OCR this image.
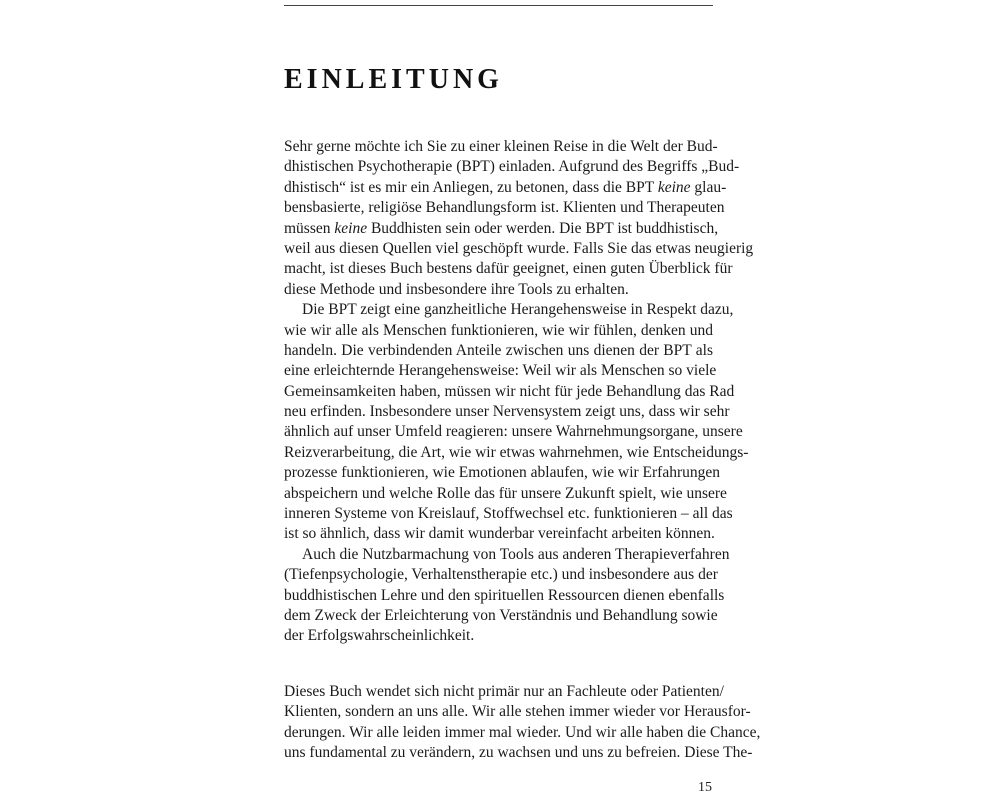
EINLEITUNG
Sehr gerne möchte ich Sie zu einer kleinen Reise in die Welt der Bud-
dhistischen Psychotherapie (BPT) einladen. Aufgrund des Begriffs „Bud-
dhistisch“ ist es mir ein Anliegen, zu betonen, dass die BPT keine glau-
bensbasierte, religiöse Behandlungsform ist. Klienten und Therapeuten
müssen keine Buddhisten sein oder werden. Die BPT ist buddhistisch,
weil aus diesen Quellen viel geschöpft wurde. Falls Sie das etwas neugierig
macht, ist dieses Buch bestens dafür geeignet, einen guten Überblick für
diese Methode und insbesondere ihre Tools zu erhalten.
Die BPT zeigt eine ganzheitliche Herangehensweise in Respekt dazu,
wie wir alle als Menschen funktionieren, wie wir fühlen, denken und
handeln. Die verbindenden Anteile zwischen uns dienen der BPT als
eine erleichternde Herangehensweise: Weil wir als Menschen so viele
Gemeinsamkeiten haben, müssen wir nicht für jede Behandlung das Rad
neu erfinden. Insbesondere unser Nervensystem zeigt uns, dass wir sehr
ähnlich auf unser Umfeld reagieren: unsere Wahrnehmungsorgane, unsere
Reizverarbeitung, die Art, wie wir etwas wahrnehmen, wie Entscheidungs-
prozesse funktionieren, wie Emotionen ablaufen, wie wir Erfahrungen
abspeichern und welche Rolle das für unsere Zukunft spielt, wie unsere
inneren Systeme von Kreislauf, Stoffwechsel etc. funktionieren – all das
ist so ähnlich, dass wir damit wunderbar vereinfacht arbeiten können.
Auch die Nutzbarmachung von Tools aus anderen Therapieverfahren
(Tiefenpsychologie, Verhaltenstherapie etc.) und insbesondere aus der
buddhistischen Lehre und den spirituellen Ressourcen dienen ebenfalls
dem Zweck der Erleichterung von Verständnis und Behandlung sowie
der Erfolgswahrscheinlichkeit.
Dieses Buch wendet sich nicht primär nur an Fachleute oder Patienten/
Klienten, sondern an uns alle. Wir alle stehen immer wieder vor Herausfor-
derungen. Wir alle leiden immer mal wieder. Und wir alle haben die Chance,
uns fundamental zu verändern, zu wachsen und uns zu befreien. Diese The-
15
